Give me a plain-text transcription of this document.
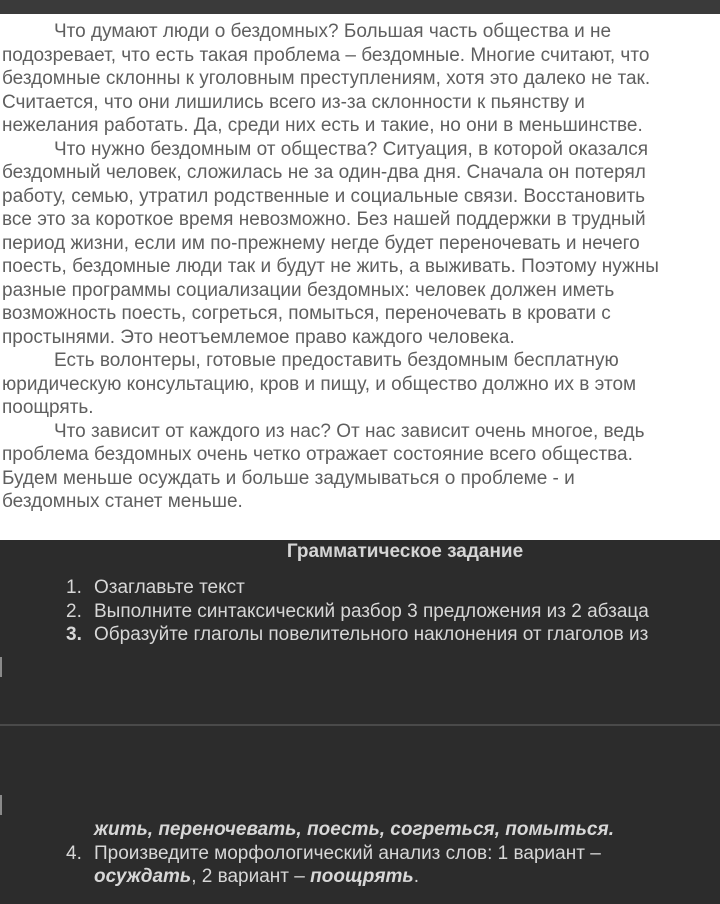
Что думают люди о бездомных? Большая часть общества и не
подозревает, что есть такая проблема – бездомные. Многие считают, что
бездомные склонны к уголовным преступлениям, хотя это далеко не так.
Считается, что они лишились всего из-за склонности к пьянству и
нежелания работать. Да, среди них есть и такие, но они в меньшинстве.
Что нужно бездомным от общества? Ситуация, в которой оказался
бездомный человек, сложилась не за один-два дня. Сначала он потерял
работу, семью, утратил родственные и социальные связи. Восстановить
все это за короткое время невозможно. Без нашей поддержки в трудный
период жизни, если им по-прежнему негде будет переночевать и нечего
поесть, бездомные люди так и будут не жить, а выживать. Поэтому нужны
разные программы социализации бездомных: человек должен иметь
возможность поесть, согреться, помыться, переночевать в кровати с
простынями. Это неотъемлемое право каждого человека.
Есть волонтеры, готовые предоставить бездомным бесплатную
юридическую консультацию, кров и пищу, и общество должно их в этом
поощрять.
Что зависит от каждого из нас? От нас зависит очень многое, ведь
проблема бездомных очень четко отражает состояние всего общества.
Будем меньше осуждать и больше задумываться о проблеме - и
бездомных станет меньше.
Грамматическое задание
1. Озаглавьте текст
2. Выполните синтаксический разбор 3 предложения из 2 абзаца
3. Образуйте глаголы повелительного наклонения от глаголов из
жить, переночевать, поесть, согреться, помыться.
4. Произведите морфологический анализ слов: 1 вариант –
осуждать, 2 вариант – поощрять.
